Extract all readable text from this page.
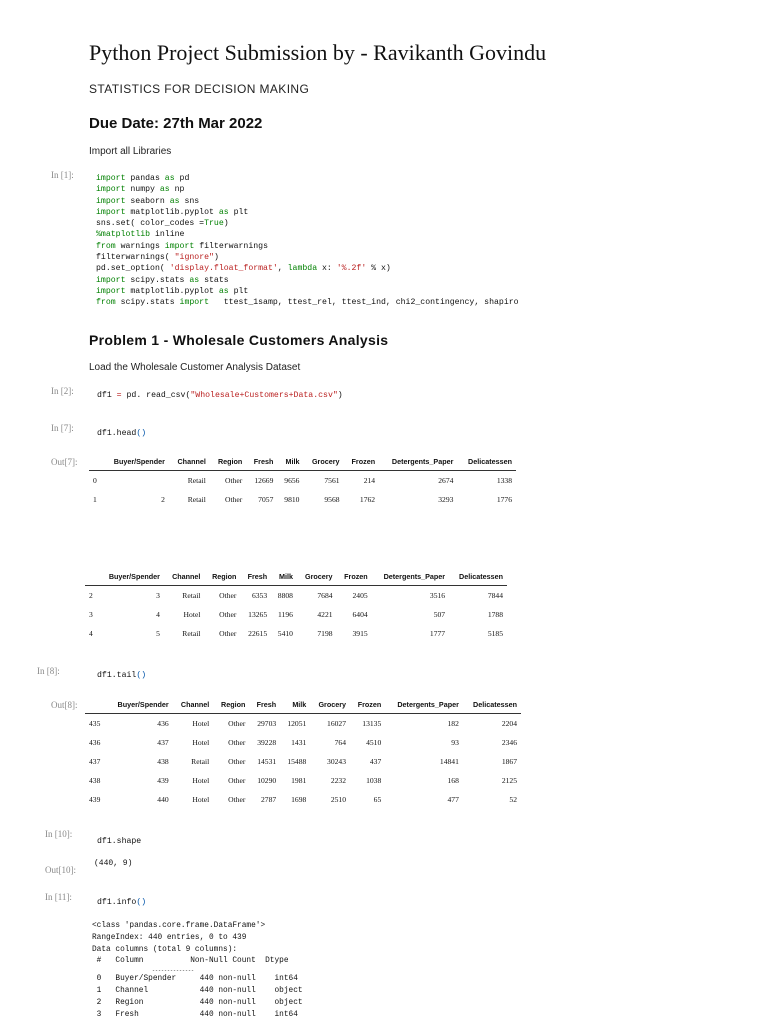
Python Project Submission by - Ravikanth Govindu
STATISTICS FOR DECISION MAKING
Due Date: 27th Mar 2022
Import all Libraries
In [1]:	import pandas as pd
import numpy as np
import seaborn as sns
import matplotlib.pyplot as plt
sns.set( color_codes =True)
%matplotlib inline
from warnings import filterwarnings
filterwarnings( "ignore")
pd.set_option( 'display.float_format', lambda x: '%.2f' % x)
import scipy.stats as stats
import matplotlib.pyplot as plt
from scipy.stats import   ttest_1samp, ttest_rel, ttest_ind, chi2_contingency, shapiro
Problem 1 - Wholesale Customers Analysis
Load the Wholesale Customer Analysis Dataset
In [2]:	df1 = pd. read_csv("Wholesale+Customers+Data.csv")
In [7]:
df1.head()
Out[7]:
		Buyer/Spender	Channel	Region	Fresh	Milk	Grocery	Frozen	Detergents_Paper	Delicatessen
0		Retail	Other	12669	9656	7561	214	2674	1338
1	2	Retail	Other	7057	9810	9568	1762	3293	1776
	Buyer/Spender	Channel	Region	Fresh	Milk	Grocery	Frozen	Detergents_Paper	Delicatessen
2	3	Retail	Other	6353	8808	7684	2405	3516	7844
3	4	Hotel	Other	13265	1196	4221	6404	507	1788
4	5	Retail	Other	22615	5410	7198	3915	1777	5185
In [8]:	df1.tail()
Out[8]:
		Buyer/Spender	Channel	Region	Fresh	Milk	Grocery	Frozen	Detergents_Paper	Delicatessen
435	436	Hotel	Other	29703	12051	16027	13135	182	2204
436	437	Hotel	Other	39228	1431	764	4510	93	2346
437	438	Retail	Other	14531	15488	30243	437	14841	1867
438	439	Hotel	Other	10290	1981	2232	1038	168	2125
439	440	Hotel	Other	2787	1698	2510	65	477	52
In [10]:
df1.shape
Out[10]:
(440, 9)
In [11]:
df1.info()
<class 'pandas.core.frame.DataFrame'>
RangeIndex: 440 entries, 0 to 439
Data columns (total 9 columns):
#   Column          Non-Null Count  Dtype
--------------
0   Buyer/Spender     440 non-null    int64
1   Channel           440 non-null    object
2   Region            440 non-null    object
3   Fresh             440 non-null    int64
